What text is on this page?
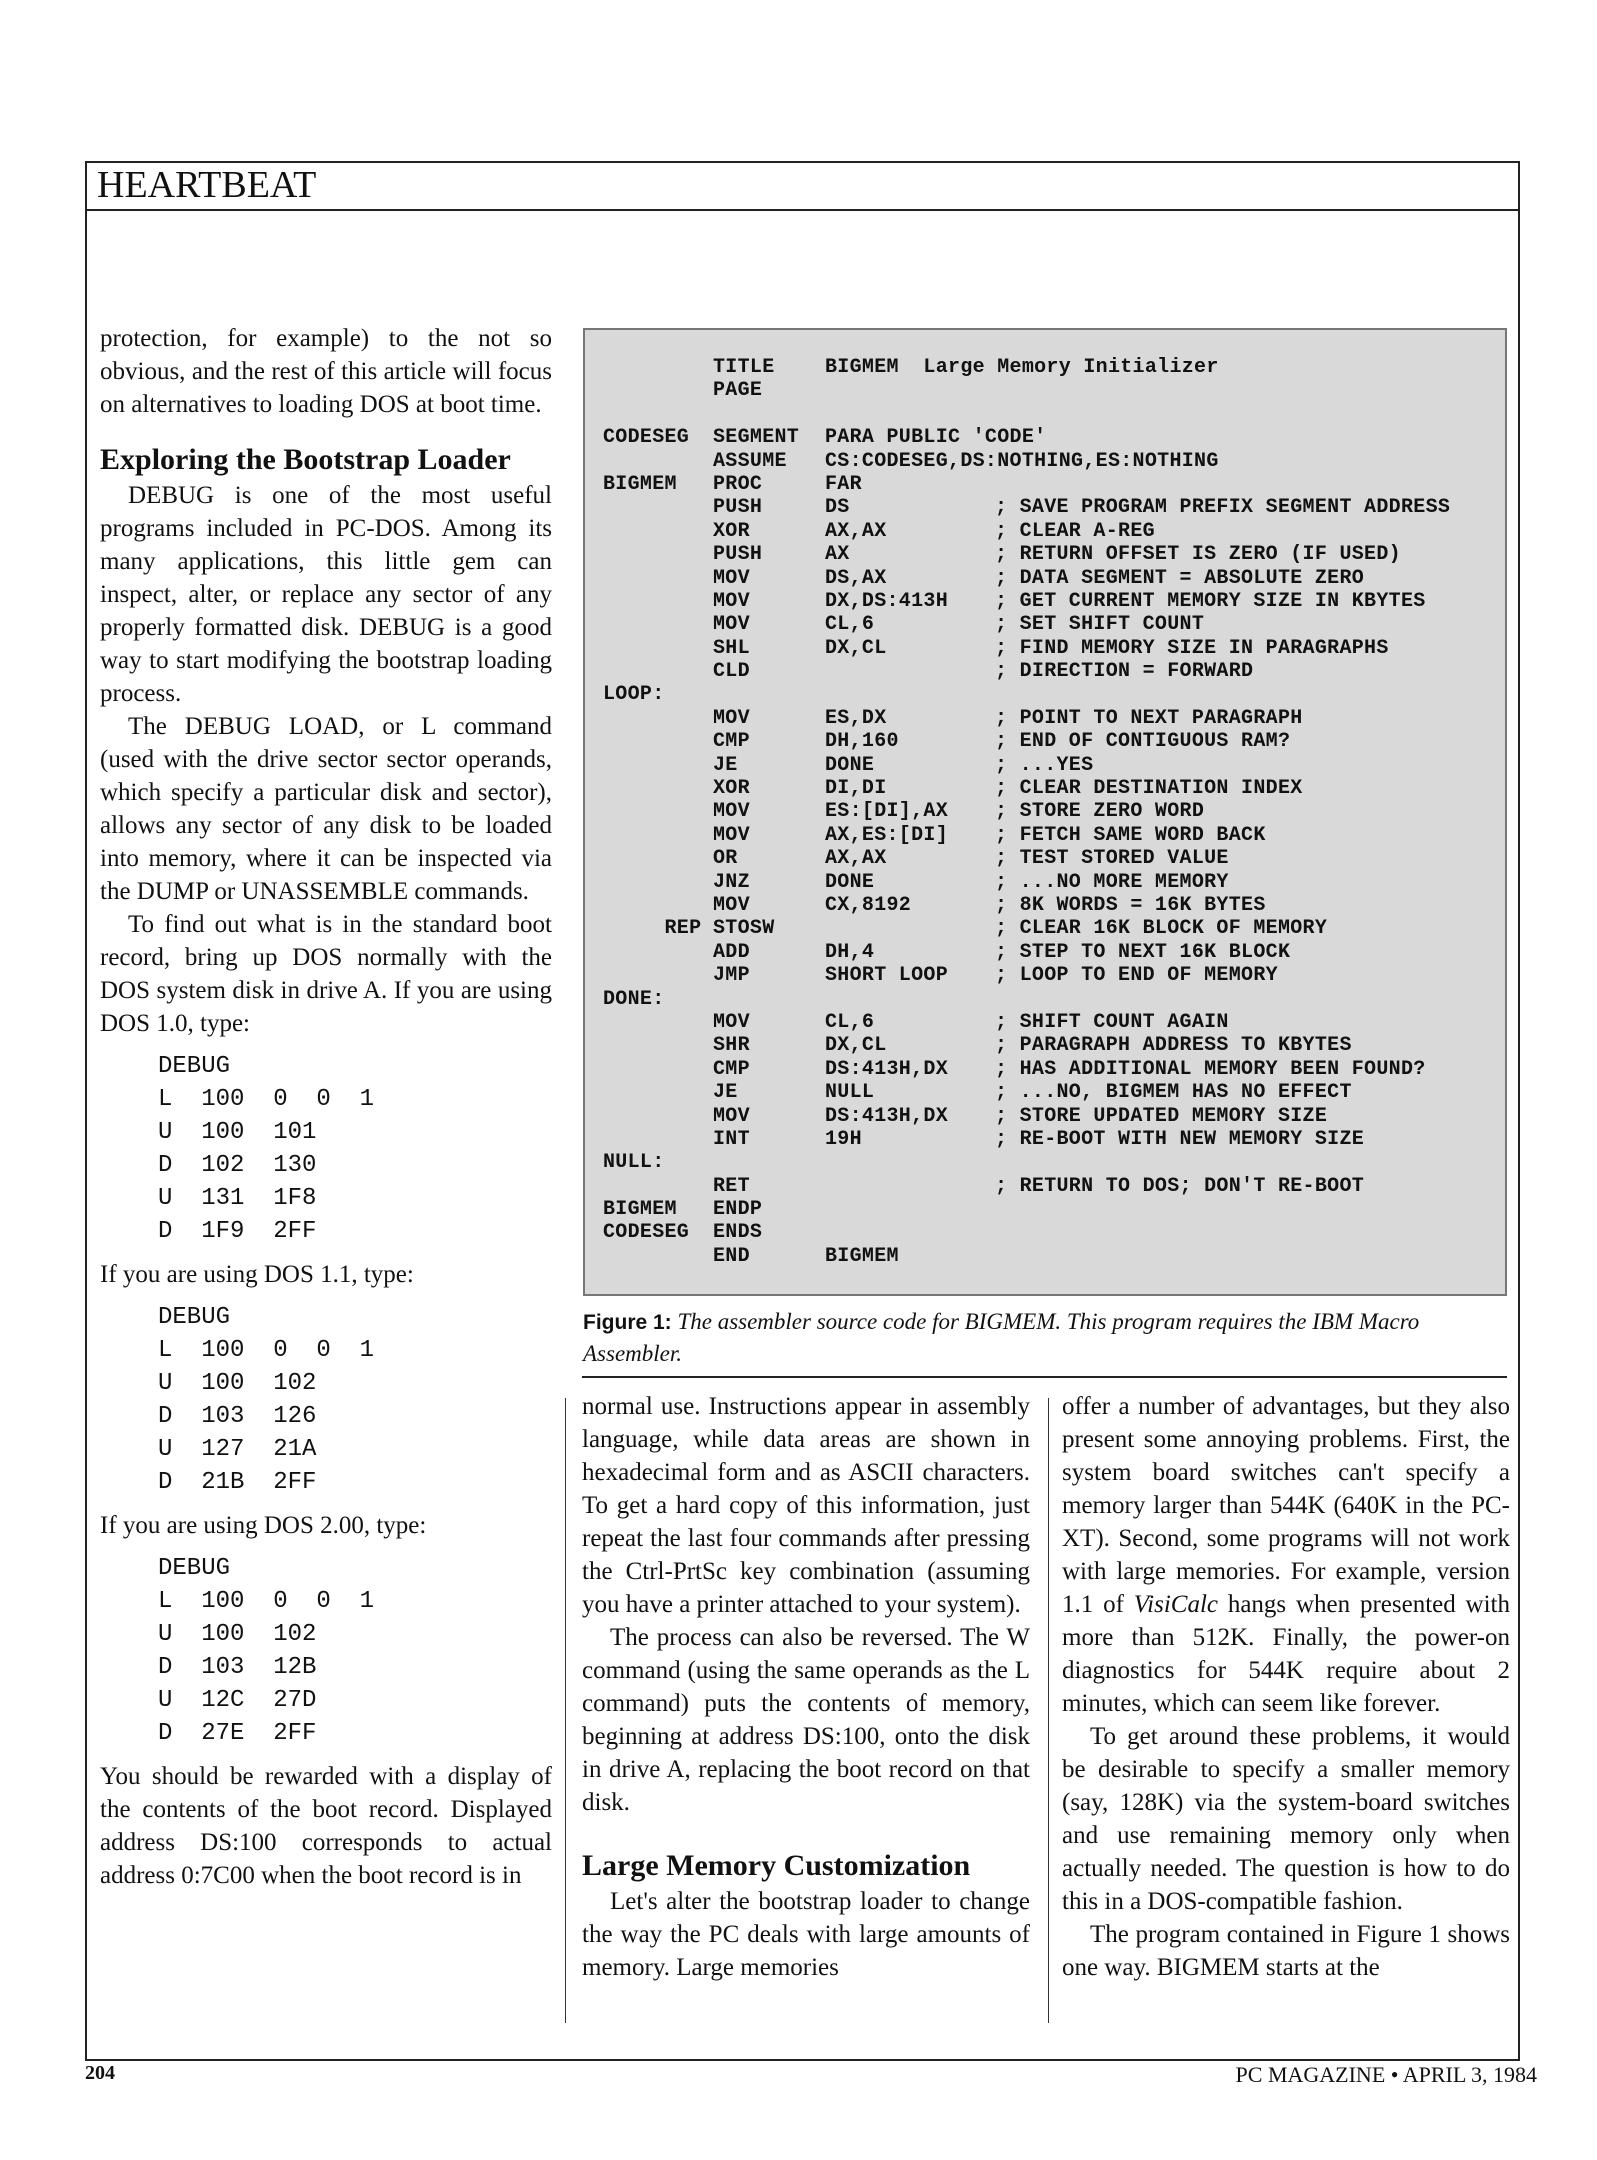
HEARTBEAT

protection, for example) to the not so obvious, and the rest of this article will focus on alternatives to loading DOS at boot time.

Exploring the Bootstrap Loader

DEBUG is one of the most useful programs included in PC-DOS. Among its many applications, this little gem can inspect, alter, or replace any sector of any properly formatted disk. DEBUG is a good way to start modifying the bootstrap loading process.

The DEBUG LOAD, or L command (used with the drive sector sector operands, which specify a particular disk and sector), allows any sector of any disk to be loaded into memory, where it can be inspected via the DUMP or UNASSEMBLE commands.

To find out what is in the standard boot record, bring up DOS normally with the DOS system disk in drive A. If you are using DOS 1.0, type:

DEBUG
L  100  0  0  1
U  100  101
D  102  130
U  131  1F8
D  1F9  2FF

If you are using DOS 1.1, type:

DEBUG
L  100  0  0  1
U  100  102
D  103  126
U  127  21A
D  21B  2FF

If you are using DOS 2.00, type:

DEBUG
L  100  0  0  1
U  100  102
D  103  12B
U  12C  27D
D  27E  2FF

You should be rewarded with a display of the contents of the boot record. Displayed address DS:100 corresponds to actual address 0:7C00 when the boot record is in

TITLE	BIGMEM  Large Memory Initializer
PAGE
CODESEG SEGMENT PARA PUBLIC 'CODE'
ASSUME CS:CODESEG,DS:NOTHING,ES:NOTHING
BIGMEM PROC	FAR
PUSH	DS	; SAVE PROGRAM PREFIX SEGMENT ADDRESS
XOR	AX,AX	; CLEAR A-REG
PUSH	AX	; RETURN OFFSET IS ZERO (IF USED)
MOV	DS,AX	; DATA SEGMENT = ABSOLUTE ZERO
MOV	DX,DS:413H ; GET CURRENT MEMORY SIZE IN KBYTES
MOV	CL,6	; SET SHIFT COUNT
SHL	DX,CL	; FIND MEMORY SIZE IN PARAGRAPHS
CLD	; DIRECTION = FORWARD
LOOP:
MOV	ES,DX	; POINT TO NEXT PARAGRAPH
CMP	DH,160	; END OF CONTIGUOUS RAM?
JE	DONE	; ...YES
XOR	DI,DI	; CLEAR DESTINATION INDEX
MOV	ES:[DI],AX ; STORE ZERO WORD
MOV	AX,ES:[DI] ; FETCH SAME WORD BACK
OR	AX,AX	; TEST STORED VALUE
JNZ	DONE	; ...NO MORE MEMORY
MOV	CX,8192	; 8K WORDS = 16K BYTES
REP STOSW	; CLEAR 16K BLOCK OF MEMORY
ADD	DH,4	; STEP TO NEXT 16K BLOCK
JMP	SHORT LOOP ; LOOP TO END OF MEMORY
DONE:
MOV	CL,6	; SHIFT COUNT AGAIN
SHR	DX,CL	; PARAGRAPH ADDRESS TO KBYTES
CMP	DS:413H,DX ; HAS ADDITIONAL MEMORY BEEN FOUND?
JE	NULL	; ...NO, BIGMEM HAS NO EFFECT
MOV	DS:413H,DX ; STORE UPDATED MEMORY SIZE
INT	19H	; RE-BOOT WITH NEW MEMORY SIZE
NULL:
RET	; RETURN TO DOS; DON'T RE-BOOT
BIGMEM ENDP
CODESEG ENDS
END	BIGMEM
Figure 1: The assembler source code for BIGMEM. This program requires the IBM Macro Assembler.

normal use. Instructions appear in assembly language, while data areas are shown in hexadecimal form and as ASCII characters. To get a hard copy of this information, just repeat the last four commands after pressing the Ctrl-PrtSc key combination (assuming you have a printer attached to your system).

The process can also be reversed. The W command (using the same operands as the L command) puts the contents of memory, beginning at address DS:100, onto the disk in drive A, replacing the boot record on that disk.

Large Memory Customization

Let's alter the bootstrap loader to change the way the PC deals with large amounts of memory. Large memories

offer a number of advantages, but they also present some annoying problems. First, the system board switches can't specify a memory larger than 544K (640K in the PC-XT). Second, some programs will not work with large memories. For example, version 1.1 of VisiCalc hangs when presented with more than 512K. Finally, the power-on diagnostics for 544K require about 2 minutes, which can seem like forever.

To get around these problems, it would be desirable to specify a smaller memory (say, 128K) via the system-board switches and use remaining memory only when actually needed. The question is how to do this in a DOS-compatible fashion.

The program contained in Figure 1 shows one way. BIGMEM starts at the

204	PC MAGAZINE • APRIL 3, 1984
